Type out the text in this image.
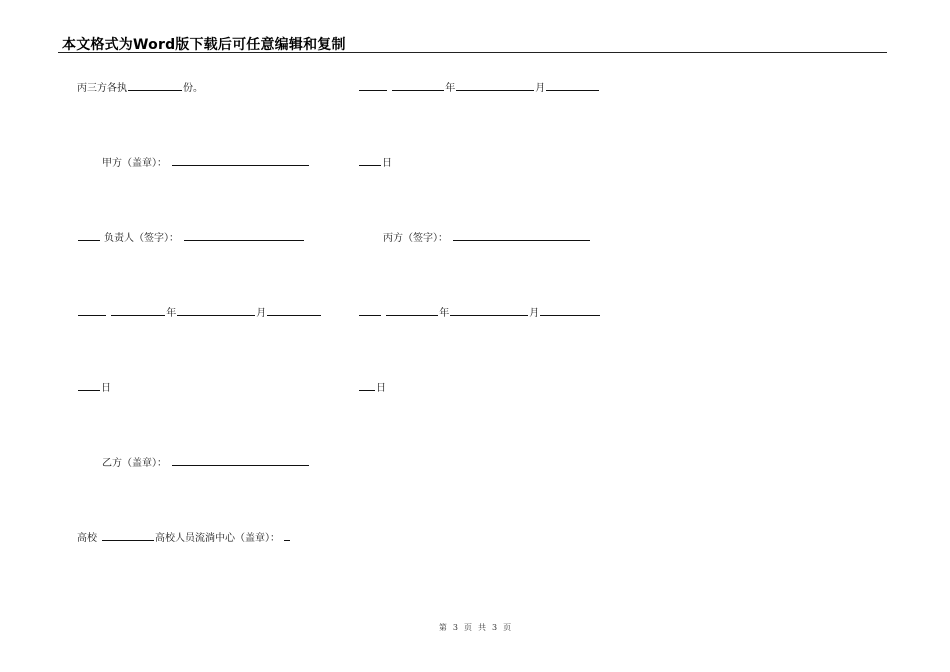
本文格式为Word版下载后可任意编辑和复制
丙三方各执	份。
甲方（盖章）：
负责人（签字）：
年	月
日
乙方（盖章）：
高校	高校人员流淌中心（盖章）：
年	月
日
丙方（签字）：
年	月
日
第 3 页 共 3 页
